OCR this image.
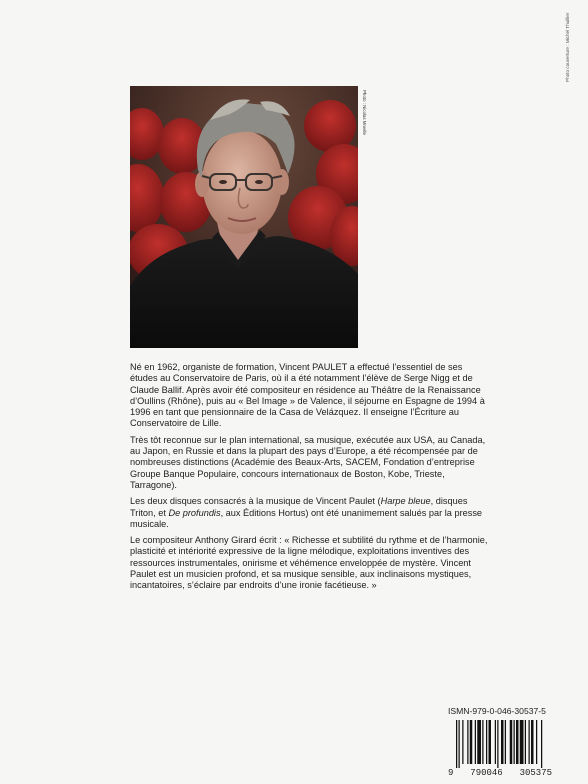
Photo couverture : Michel Thuillier
Photo : Nicolas Mrvelle

Né en 1962, organiste de formation, Vincent PAULET a effectué l’essentiel de ses études au Conservatoire de Paris, où il a été notamment l’élève de Serge Nigg et de Claude Ballif. Après avoir été compositeur en résidence au Théâtre de la Renaissance d’Oullins (Rhône), puis au « Bel Image » de Valence, il séjourne en Espagne de 1994 à 1996 en tant que pensionnaire de la Casa de Velázquez. Il enseigne l’Écriture au Conservatoire de Lille.

Très tôt reconnue sur le plan international, sa musique, exécutée aux USA, au Canada, au Japon, en Russie et dans la plupart des pays d’Europe, a été récompensée par de nombreuses distinctions (Académie des Beaux-Arts, SACEM, Fondation d’entreprise Groupe Banque Populaire, concours internationaux de Boston, Kobe, Trieste, Tarragone).

Les deux disques consacrés à la musique de Vincent Paulet (Harpe bleue, disques Triton, et De profundis, aux Éditions Hortus) ont été unanimement salués par la presse musicale.

Le compositeur Anthony Girard écrit : « Richesse et subtilité du rythme et de l’harmonie, plasticité et intériorité expressive de la ligne mélodique, exploitations inventives des ressources instrumentales, onirisme et véhémence enveloppée de mystère. Vincent Paulet est un musicien profond, et sa musique sensible, aux inclinaisons mystiques, incantatoires, s’éclaire par endroits d’une ironie facétieuse. »

ISMN-979-0-046-30537-5
9 790046 305375
